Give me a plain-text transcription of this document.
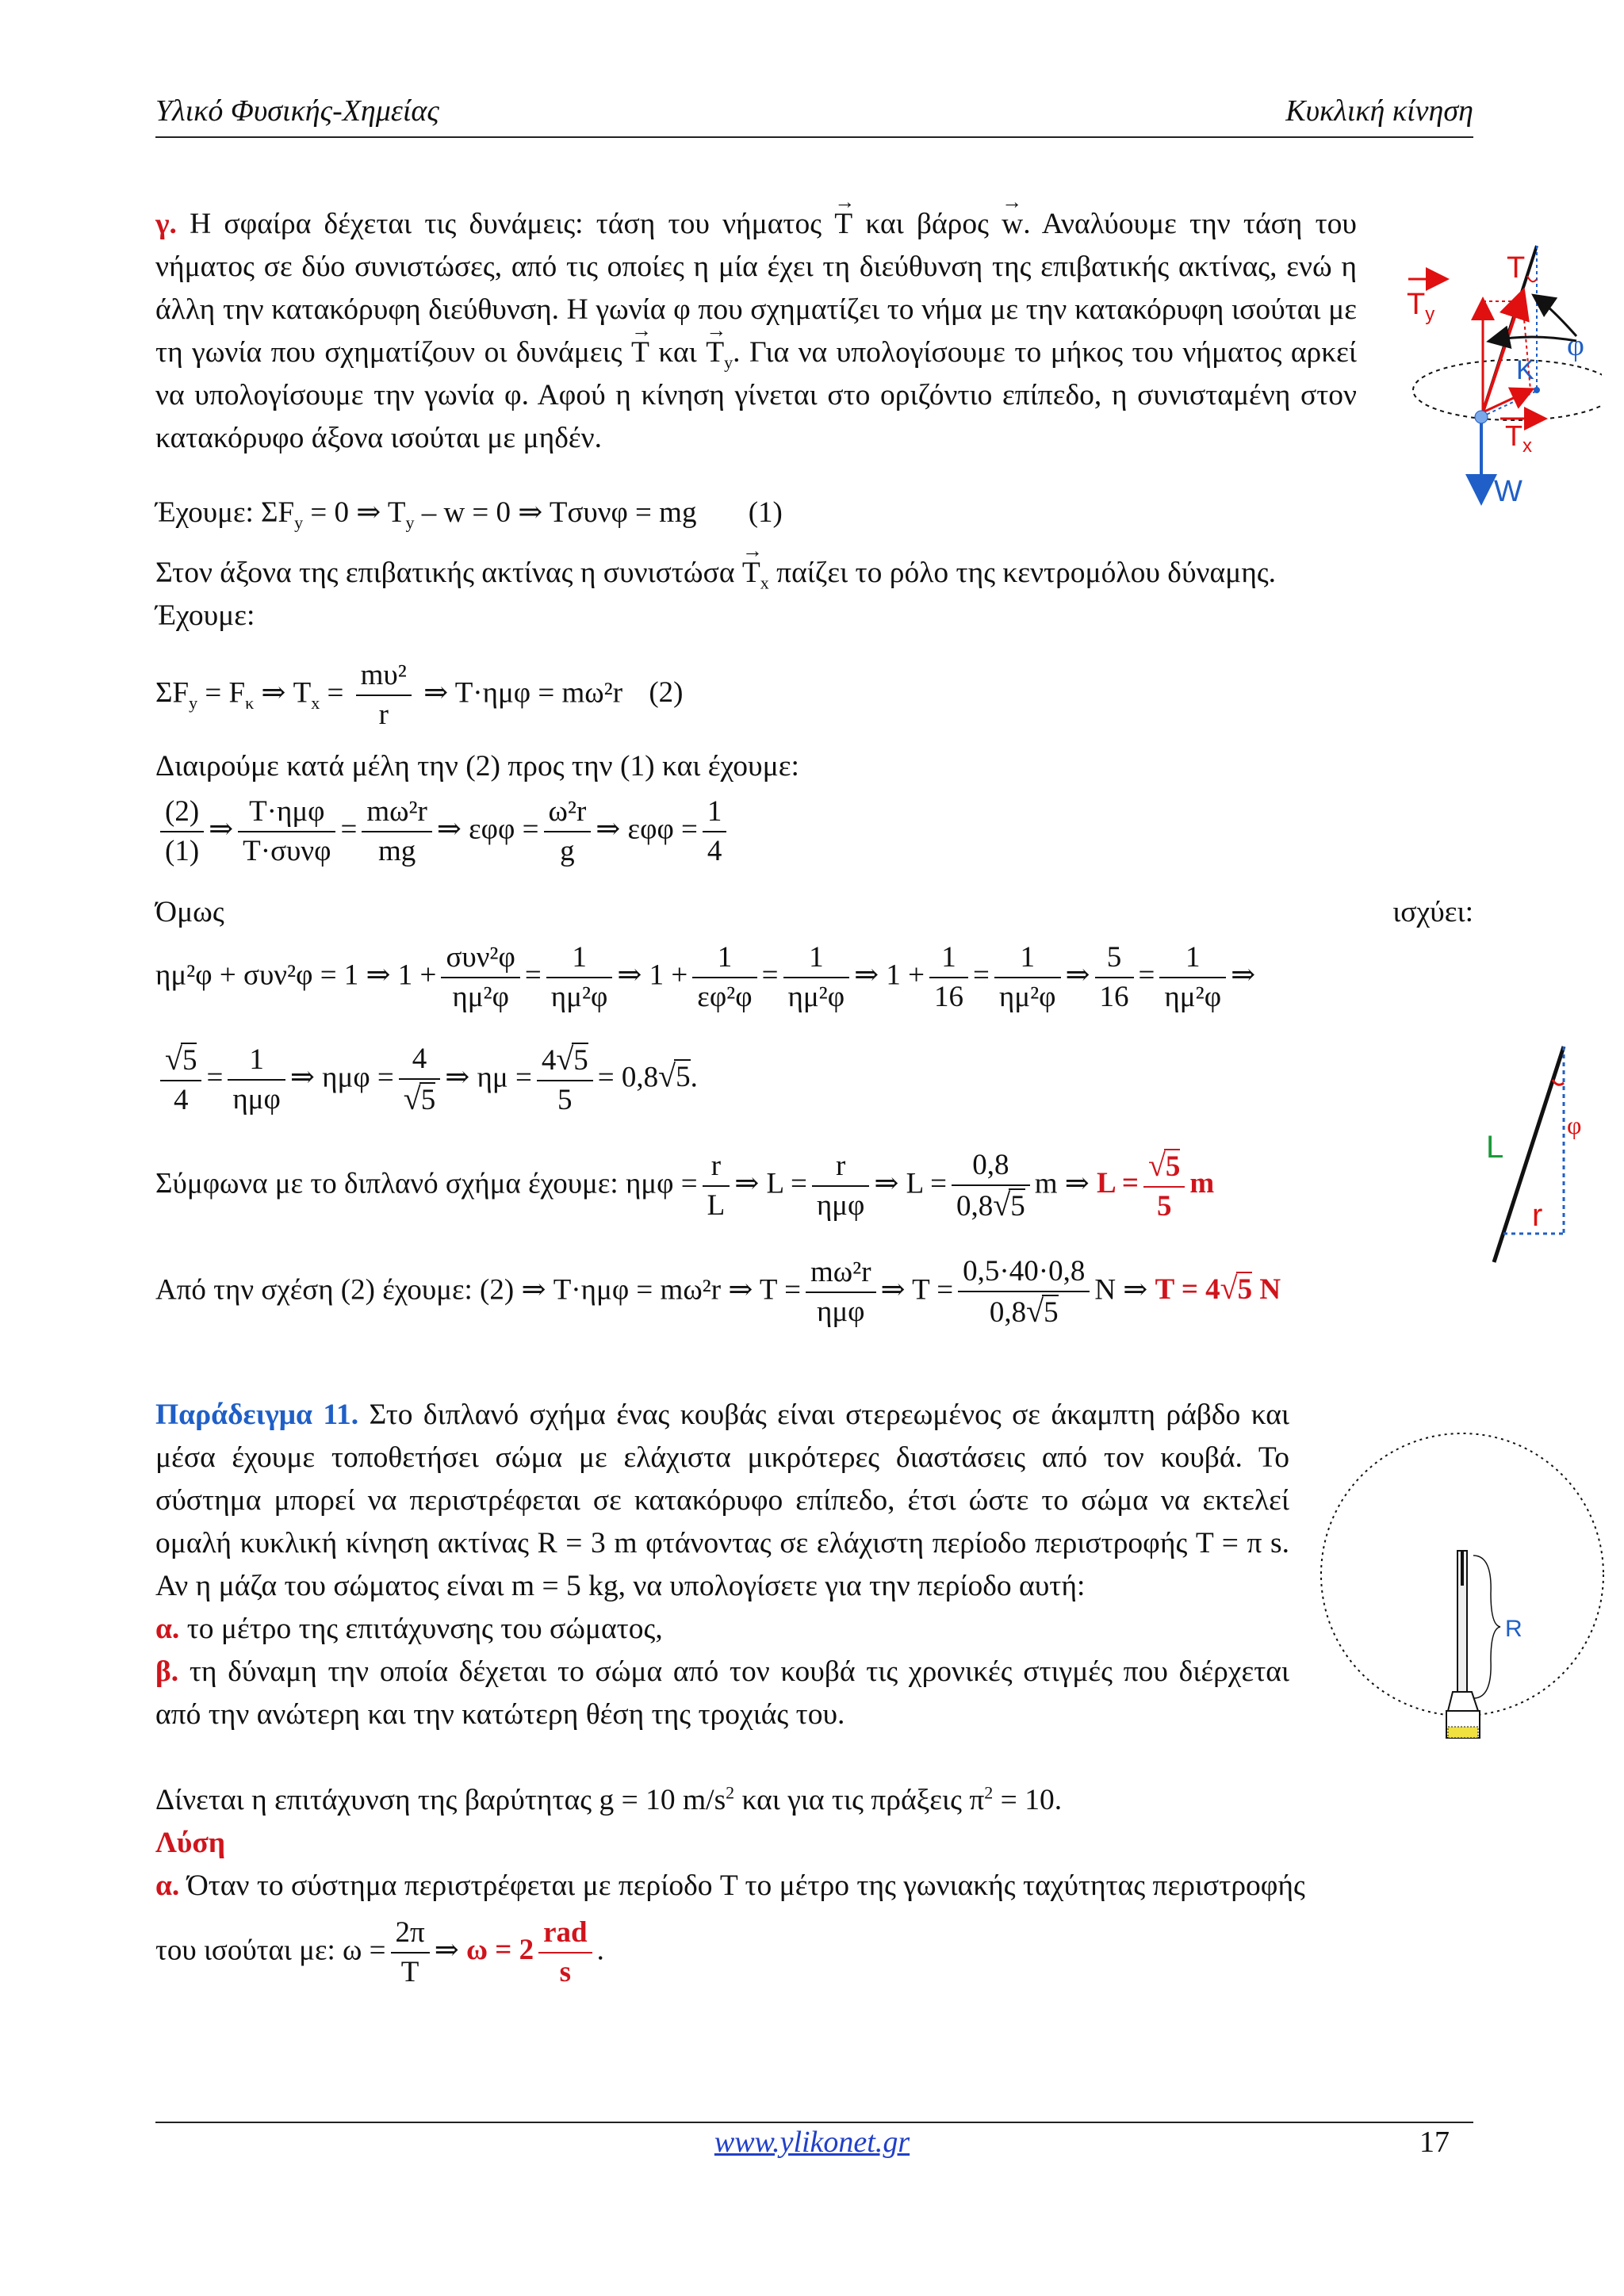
Υλικό Φυσικής-Χημείας	Κυκλική κίνηση
γ. Η σφαίρα δέχεται τις δυνάμεις: τάση του νήματος → T και βάρος → w. Αναλύουμε την τάση του νήματος σε δύο συνιστώσες, από τις οποίες η μία έχει τη διεύθυνση της επιβατικής ακτίνας, ενώ η άλλη την κατακόρυφη διεύθυνση. Η γωνία φ που σχηματίζει το νήμα με την κατακόρυφη ισούται με τη γωνία που σχηματίζουν οι δυνάμεις → T $\kappa\alpha\iota \to T_y$. Για να υπολογίσουμε το μήκος του νήματος αρκεί να υπολογίσουμε την γωνία φ. Αφού η κίνηση γίνεται στο οριζόντιο επίπεδο, η συνισταμένη στον κατακόρυφο άξονα ισούται με μηδέν.
Έχουμε: $\Sigma F_y = 0$ ⇒ $T_y - w = 0$ ⇒ Tσυνφ = mg (1)
Στον άξονα της επιβατικής ακτίνας η $\sigma\upsilon\nu\iota\sigma\tau ώ\sigma\alpha \to T_x$ παίζει το ρόλο της κεντρομόλου δύναμης.
Έχουμε:
$\Sigma F_y = F_\kappa$ ⇒ $T_x = \frac{\text{mυ²}}{r}$ ⇒ T·ημφ = mω²r (2)
Διαιρούμε κατά μέλη την (2) προς την (1) και έχουμε:
$\frac{(2)}{(1)}$ ⇒ $\frac{\text{T·ημφ}}{\text{T·συνφ}} = \frac{\text{mω²r}}{mg}$ ⇒ $\varepsilon\varphi\varphi = \frac{\text{ω²r}}{g}$ ⇒ $\varepsilon\varphi\varphi = \frac{1}{4}$
Όμως	ισχύει:
ημ²φ + συν²φ = 1 ⇒ $1 + \frac{\text{συν²φ}}{\text{ημ²φ}} = \frac{1}{\text{ημ²φ}}$ ⇒ $1 + \frac{1}{\text{εφ²φ}} = \frac{1}{\text{ημ²φ}}$ ⇒ $1 + \frac{1}{16} = \frac{1}{\text{ημ²φ}}$ ⇒ $\frac{5}{16} = \frac{1}{\text{ημ²φ}}$ ⇒
$\frac{√5}{4} = \frac{1}{\text{ημφ}}$ ⇒ $\eta\mu\varphi = \frac{4}{√5}$ ⇒ $\eta\mu = \frac{4√5}{5} = 0,8√5$.
Σύμφωνα με το διπλανό σχήμα έχουμε: $\eta\mu\varphi = \frac{r}{L}$ ⇒ $L = \frac{r}{\text{ημφ}}$ ⇒ $L = \frac{0,8}{0,8√5}$ m ⇒ $L = \frac{√5}{5}$ m
Από την σχέση (2) έχουμε: (2) ⇒ T·ημφ = mω²r ⇒ $T = \frac{\text{mω²r}}{\text{ημφ}}$ ⇒ $T = \frac{0,5\cdot 40\cdot 0,8}{0,8√5}$ N ⇒ T = 4√5 N
Παράδειγμα 11. Στο διπλανό σχήμα ένας κουβάς είναι στερεωμένος σε άκαμπτη ράβδο και μέσα έχουμε τοποθετήσει σώμα με ελάχιστα μικρότερες διαστάσεις από τον κουβά. Το σύστημα μπορεί να περιστρέφεται σε κατακόρυφο επίπεδο, έτσι ώστε το σώμα να εκτελεί ομαλή κυκλική κίνηση ακτίνας R = 3 m φτάνοντας σε ελάχιστη περίοδο περιστροφής T = π s. Αν η μάζα του σώματος είναι m = 5 kg, να υπολογίσετε για την περίοδο αυτή:
α. το μέτρο της επιτάχυνσης του σώματος,
β. τη δύναμη την οποία δέχεται το σώμα από τον κουβά τις χρονικές στιγμές που διέρχεται από την ανώτερη και την κατώτερη θέση της τροχιάς του.
Δίνεται η επιτάχυνση της βαρύτητας g = 10 $m/s^2$ και για τις πράξεις $\pi^2 = 10$.
Λύση
α. Όταν το σύστημα περιστρέφεται με περίοδο T το μέτρο της γωνιακής ταχύτητας περιστροφής
του ισούται με: $\omega = \frac{2\pi}{T}$ ⇒ $\omega = 2 \frac{\text{rad}}{s}$ .
T
$T_y$
φ
K
$T_x$
W
L
φ
r
R
www.ylikonet.gr	17
